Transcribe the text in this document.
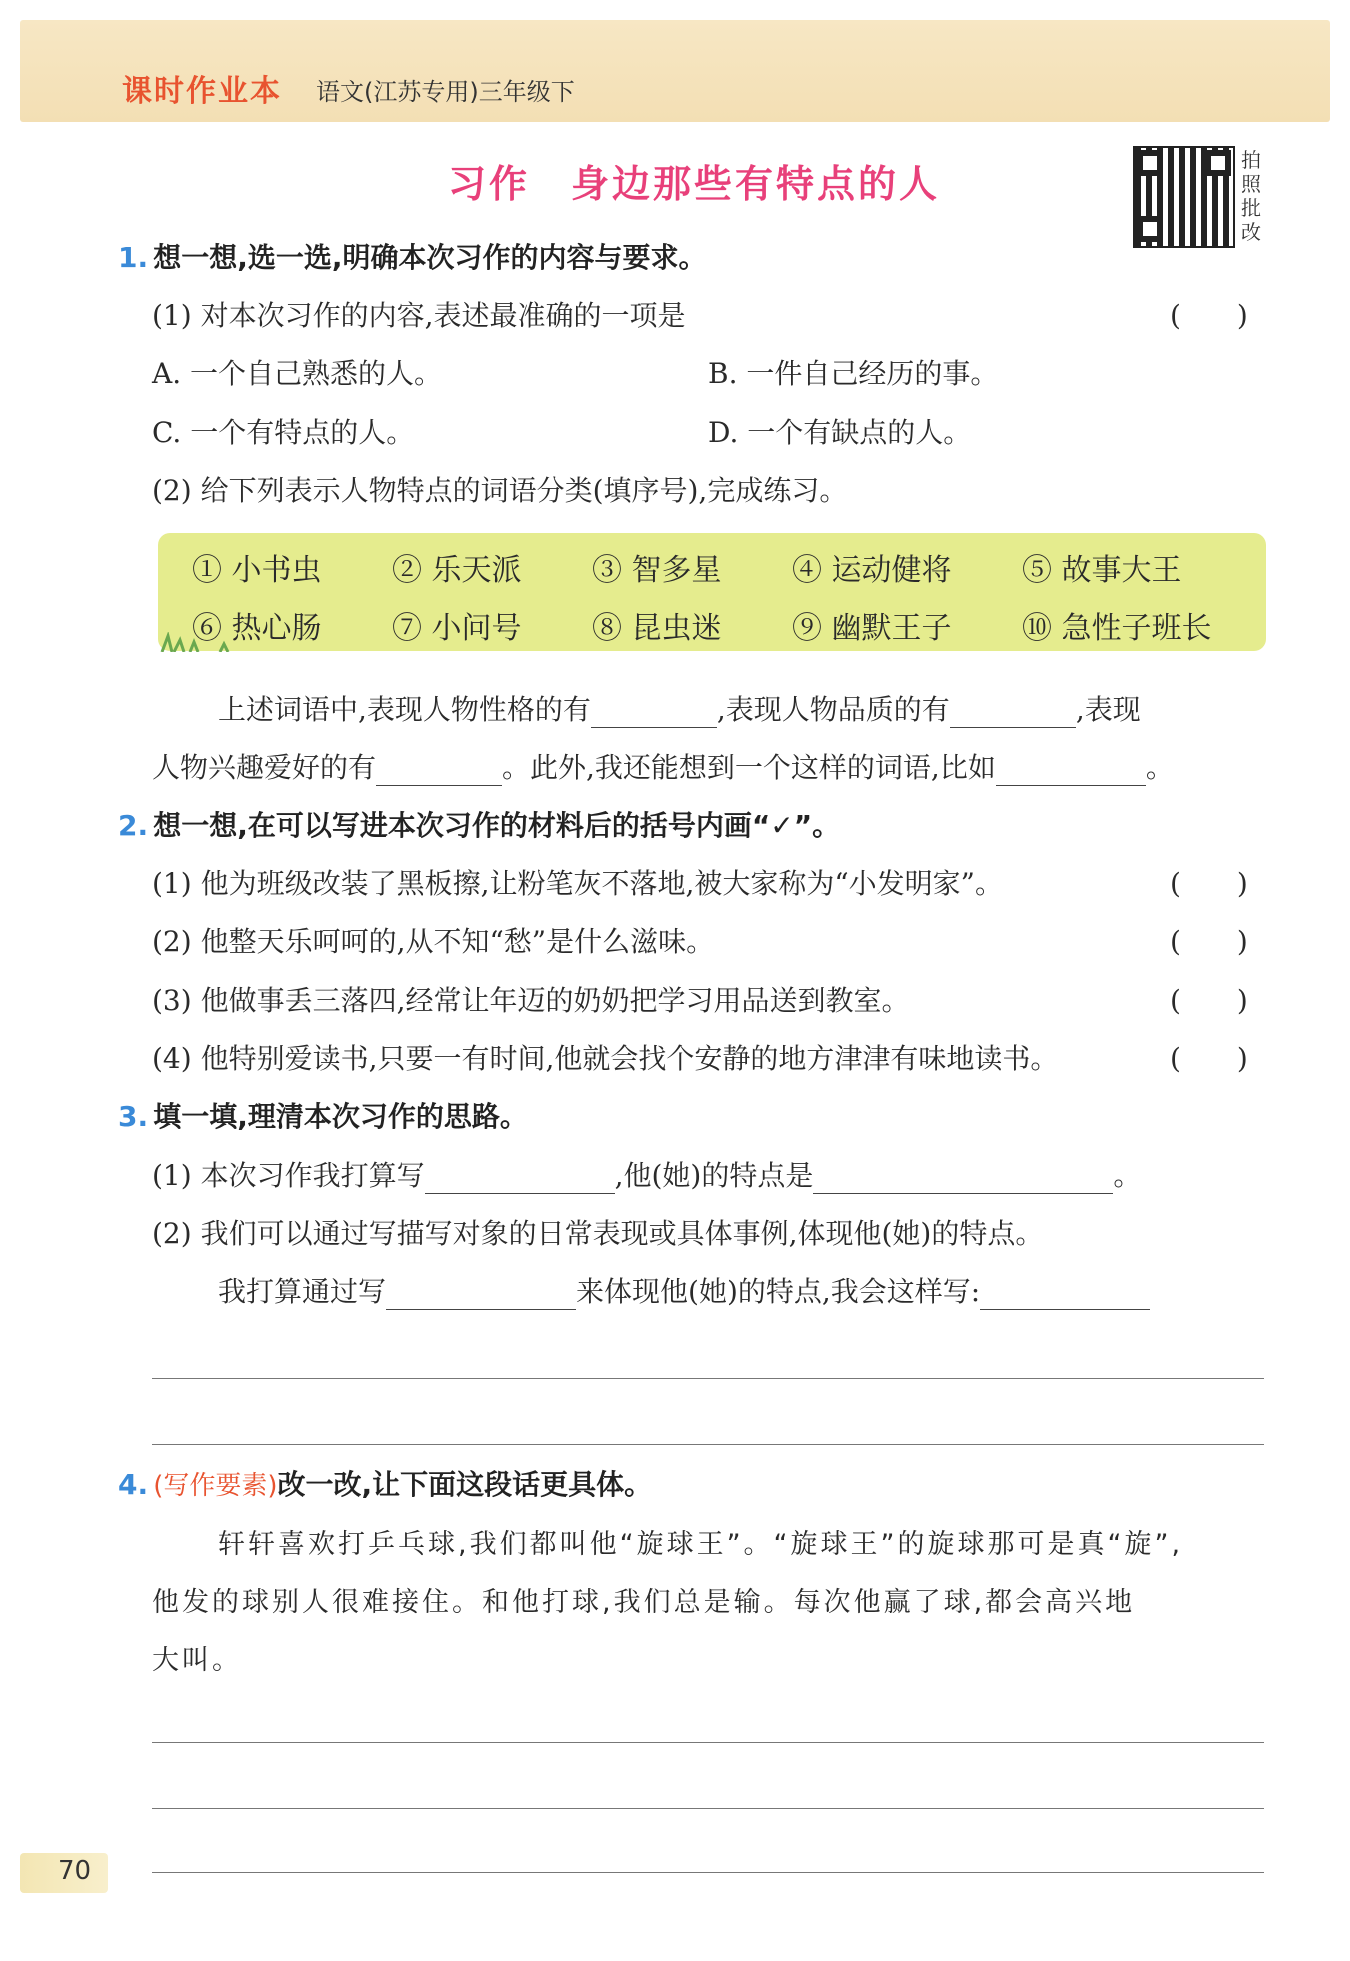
课时作业本 语文(江苏专用)三年级下
习作　身边那些有特点的人
拍照批改
1. 想一想,选一选,明确本次习作的内容与要求。
(1) 对本次习作的内容,表述最准确的一项是	(　　)
A. 一个自己熟悉的人。	B. 一件自己经历的事。
C. 一个有特点的人。	D. 一个有缺点的人。
(2) 给下列表示人物特点的词语分类(填序号),完成练习。
① 小书虫 ② 乐天派 ③ 智多星 ④ 运动健将 ⑤ 故事大王
⑥ 热心肠 ⑦ 小问号 ⑧ 昆虫迷 ⑨ 幽默王子 ⑩ 急性子班长
上述词语中,表现人物性格的有	,表现人物品质的有	,表现
人物兴趣爱好的有	。此外,我还能想到一个这样的词语,比如	。
2. 想一想,在可以写进本次习作的材料后的括号内画“✓”。
(1) 他为班级改装了黑板擦,让粉笔灰不落地,被大家称为“小发明家”。	(　　)
(2) 他整天乐呵呵的,从不知“愁”是什么滋味。	(　　)
(3) 他做事丢三落四,经常让年迈的奶奶把学习用品送到教室。	(　　)
(4) 他特别爱读书,只要一有时间,他就会找个安静的地方津津有味地读书。	(　　)
3. 填一填,理清本次习作的思路。
(1) 本次习作我打算写	,他(她)的特点是	。
(2) 我们可以通过写描写对象的日常表现或具体事例,体现他(她)的特点。
我打算通过写	来体现他(她)的特点,我会这样写:
4. (写作要素)改一改,让下面这段话更具体。
轩轩喜欢打乒乓球,我们都叫他“旋球王”。“旋球王”的旋球那可是真“旋”,
他发的球别人很难接住。和他打球,我们总是输。每次他赢了球,都会高兴地
大叫。
70
